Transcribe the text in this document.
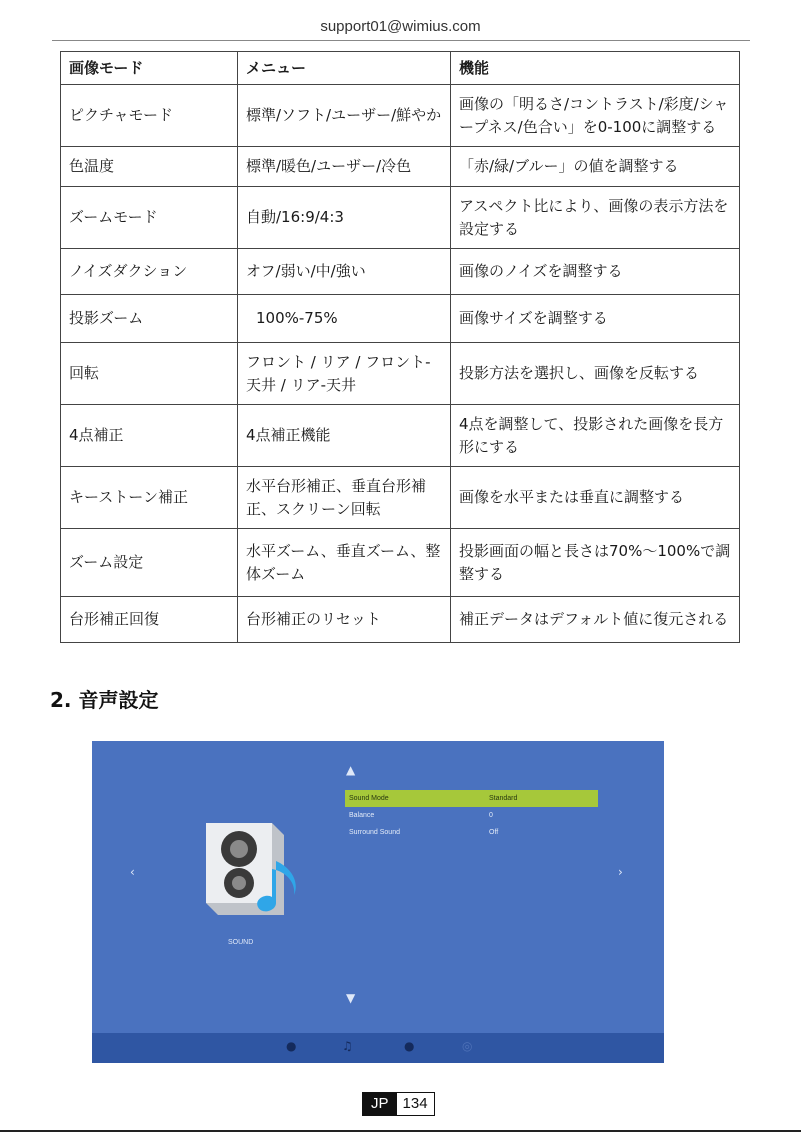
support01@wimius.com
画像モード	メニュー	機能
ピクチャモード	標準/ソフト/ユーザー/鮮やか	画像の「明るさ/コントラスト/彩度/シャープネス/色合い」を0-100に調整する
色温度	標準/暖色/ユーザー/冷色	「赤/緑/ブルー」の値を調整する
ズームモード	自動/16:9/4:3	アスペクト比により、画像の表示方法を設定する
ノイズダクション	オフ/弱い/中/強い	画像のノイズを調整する
投影ズーム	100%-75%	画像サイズを調整する
回転	フロント / リア / フロント-天井 / リア-天井	投影方法を選択し、画像を反転する
4点補正	4点補正機能	4点を調整して、投影された画像を長方形にする
キーストーン補正	水平台形補正、垂直台形補正、スクリーン回転	画像を水平または垂直に調整する
ズーム設定	水平ズーム、垂直ズーム、整体ズーム	投影画面の幅と長さは70%～100%で調整する
台形補正回復	台形補正のリセット	補正データはデフォルト値に復元される
2. 音声設定
▲
▼
‹	›
SOUND
Sound Mode	Standard
Balance	0
Surround Sound	Off
●	♫	●	◎
JP 134
